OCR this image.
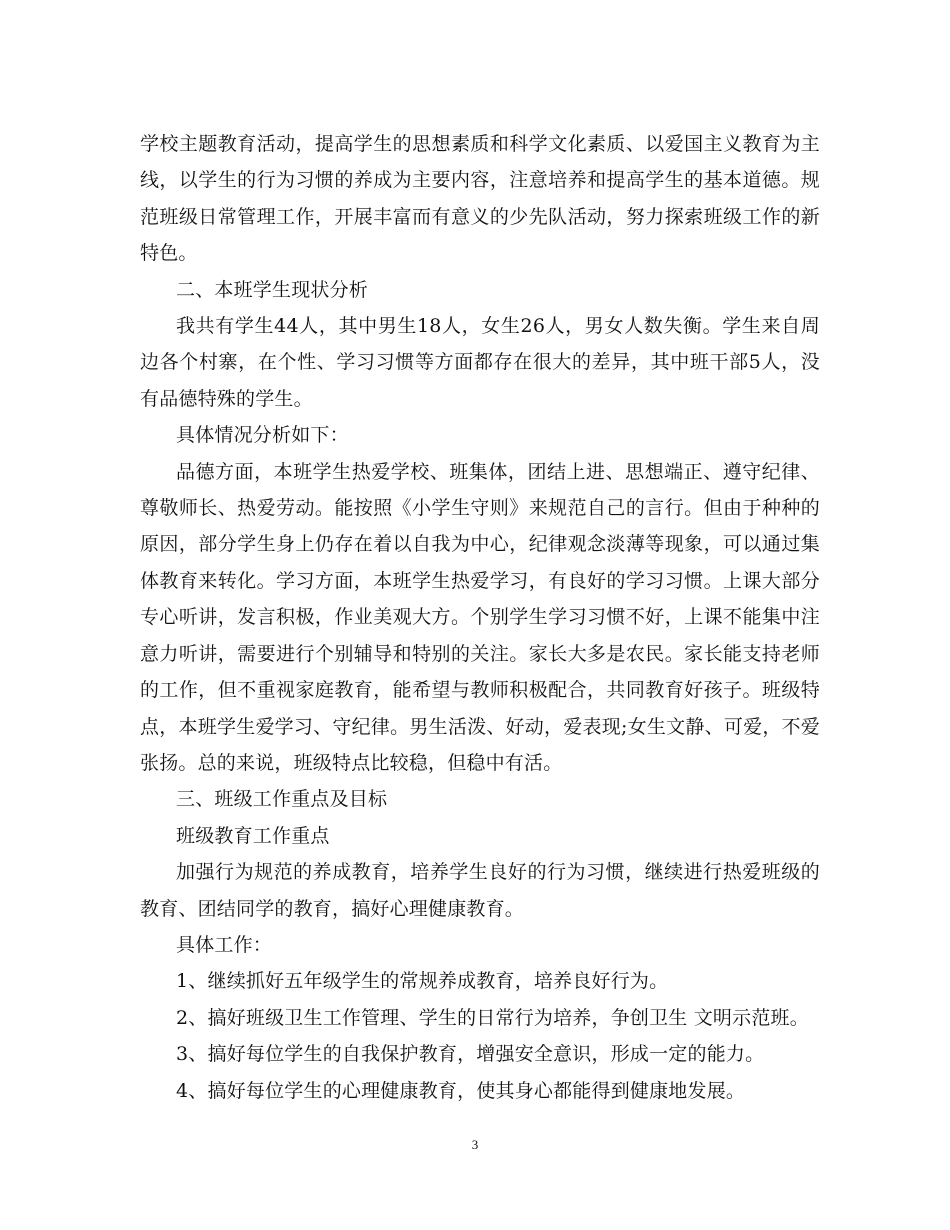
学校主题教育活动，提高学生的思想素质和科学文化素质、以爱国主义教育为主线，以学生的行为习惯的养成为主要内容，注意培养和提高学生的基本道德。规范班级日常管理工作，开展丰富而有意义的少先队活动，努力探索班级工作的新特色。

二、本班学生现状分析

我共有学生44人，其中男生18人，女生26人，男女人数失衡。学生来自周边各个村寨，在个性、学习习惯等方面都存在很大的差异，其中班干部5人，没有品德特殊的学生。

具体情况分析如下：

品德方面，本班学生热爱学校、班集体，团结上进、思想端正、遵守纪律、尊敬师长、热爱劳动。能按照《小学生守则》来规范自己的言行。但由于种种的原因，部分学生身上仍存在着以自我为中心，纪律观念淡薄等现象，可以通过集体教育来转化。学习方面，本班学生热爱学习，有良好的学习习惯。上课大部分专心听讲，发言积极，作业美观大方。个别学生学习习惯不好，上课不能集中注意力听讲，需要进行个别辅导和特别的关注。家长大多是农民。家长能支持老师的工作，但不重视家庭教育，能希望与教师积极配合，共同教育好孩子。班级特点，本班学生爱学习、守纪律。男生活泼、好动，爱表现;女生文静、可爱，不爱张扬。总的来说，班级特点比较稳，但稳中有活。

三、班级工作重点及目标

班级教育工作重点

加强行为规范的养成教育，培养学生良好的行为习惯，继续进行热爱班级的教育、团结同学的教育，搞好心理健康教育。

具体工作：

1、继续抓好五年级学生的常规养成教育，培养良好行为。

2、搞好班级卫生工作管理、学生的日常行为培养，争创卫生 文明示范班。

3、搞好每位学生的自我保护教育，增强安全意识，形成一定的能力。

4、搞好每位学生的心理健康教育，使其身心都能得到健康地发展。

3
